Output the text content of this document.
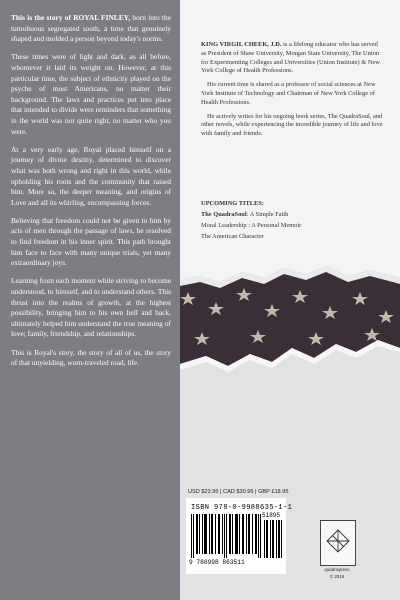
This is the story of ROYAL FINLEY, born into the tumultuous segregated south, a time that genuinely shaped and molded a person beyond today's norms.

These times were of light and dark, as all before, whomever it laid its weight on. However, at this particular time, the subject of ethnicity played on the psyche of most Americans, no matter their background. The laws and practices put into place that intended to divide were reminders that something in the world was not quite right, no matter who you were.

At a very early age, Royal placed himself on a journey of divine destiny, determined to discover what was both wrong and right in this world, while upholding his roots and the community that raised him. More so, the deeper meaning, and origins of Love and all its whirling, encompassing forces.

Believing that freedom could not be given to him by acts of men through the passage of laws, he resolved to find freedom in his inner spirit. This path brought him face to face with many unique trials, yet many extraordinary joys.

Learning from each moment while striving to become understood, to himself, and to understand others. This thrust into the realms of growth, at the highest possibility, bringing him to his own hell and back, ultimately helped him understand the true meaning of love; family, friendship, and relationships.

This is Royal's story, the story of all of us, the story of that unyielding, worn-traveled road, life.

KING VIRGIL CHEEK, J.D. is a lifelong educator who has served as President of Shaw University, Morgan State University, The Union for Experimenting Colleges and Universities (Union Institute) & New York College of Health Professions.

His current time is shared as a professor of social sciences at New York Institute of Technology and Chairman of New York College of Health Professions.

He actively writes for his ongoing book series, The QuadraSoul, and other novels, while experiencing the incredible journey of life and love with family and friends.

UPCOMING TITLES:
The QuadraSoul: A Simple Faith
Moral Leadership : A Personal Memoir
The American Character
USD $22.95 | CAD $30.95 | GBP £18.95
ISBN 978-0-9988635-1-1
51895
9 780998 863511
quadrispress
© 2019
